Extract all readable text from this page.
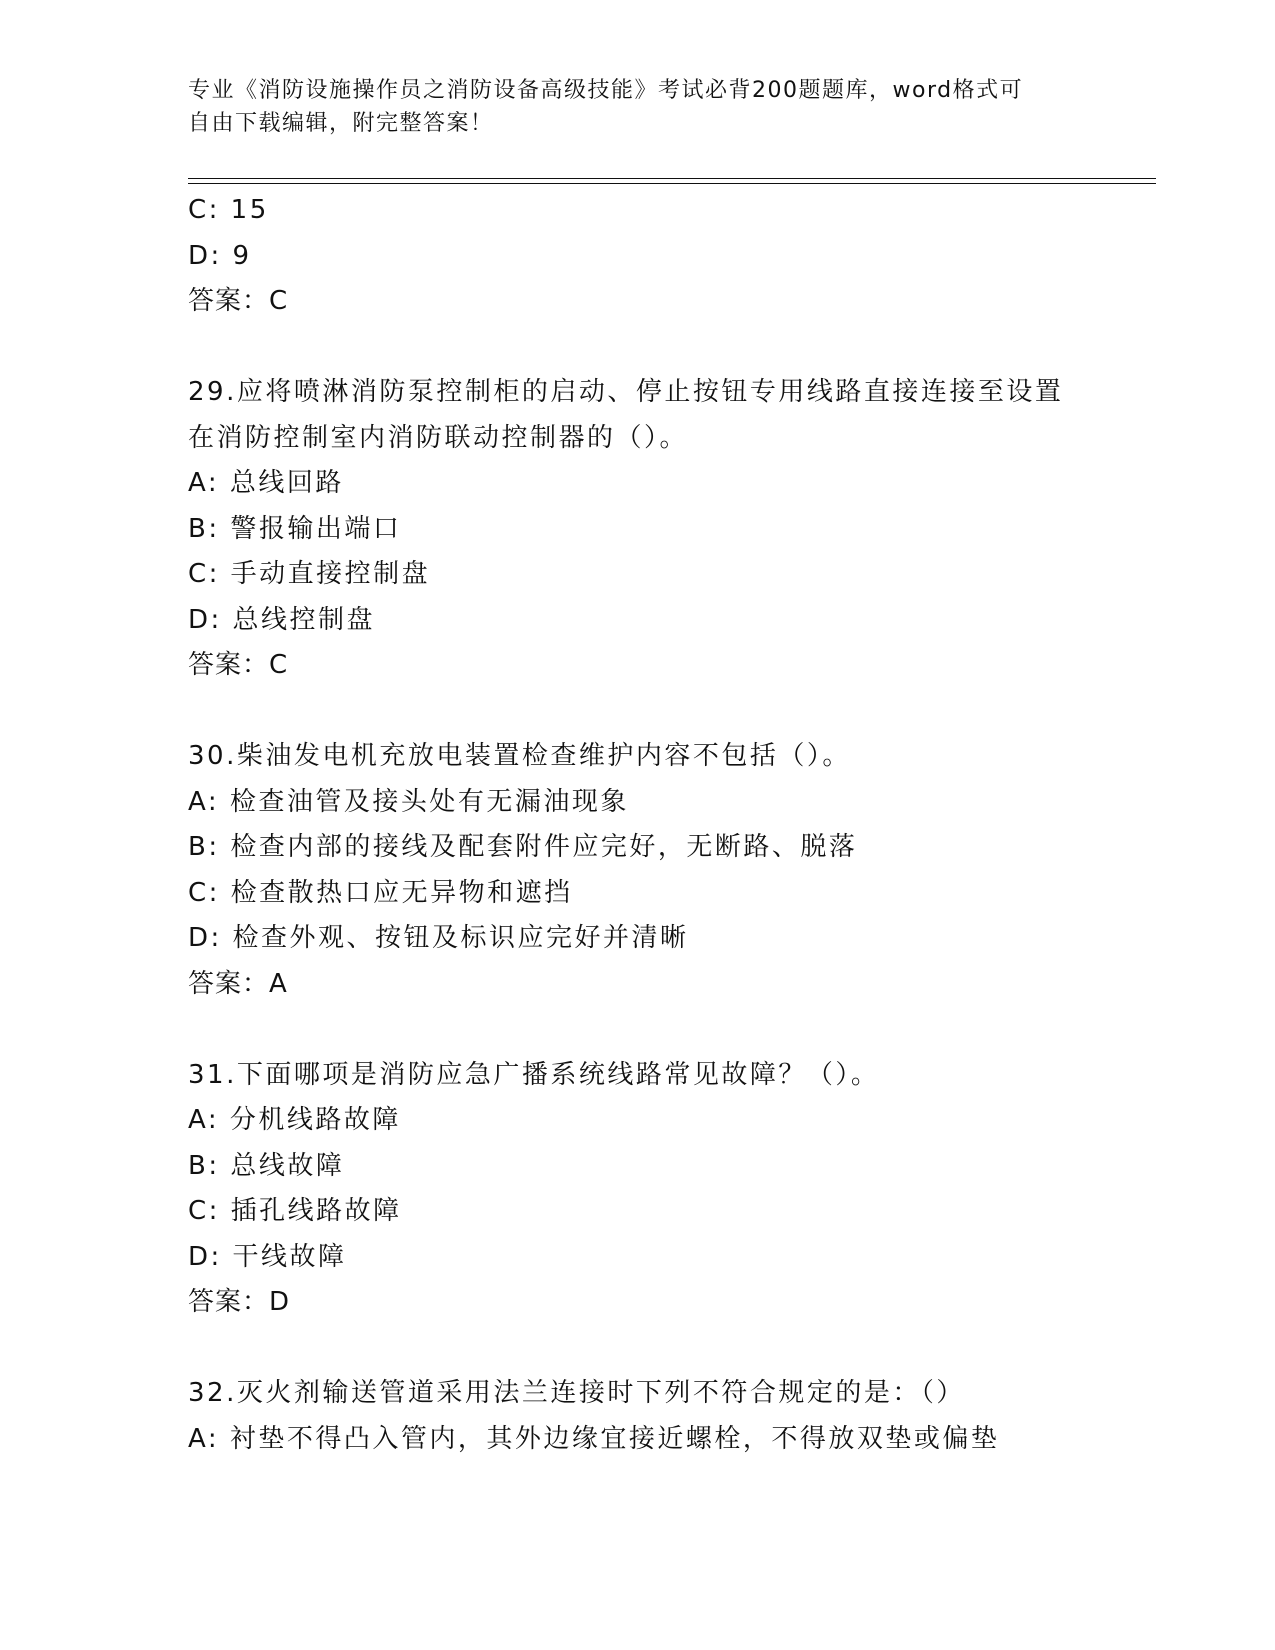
专业《消防设施操作员之消防设备高级技能》考试必背200题题库，word格式可
自由下载编辑，附完整答案！
C: 15
D: 9
答案：C
29.应将喷淋消防泵控制柜的启动、停止按钮专用线路直接连接至设置
在消防控制室内消防联动控制器的（）。
A: 总线回路
B: 警报输出端口
C: 手动直接控制盘
D: 总线控制盘
答案：C
30.柴油发电机充放电装置检查维护内容不包括（）。
A: 检查油管及接头处有无漏油现象
B: 检查内部的接线及配套附件应完好，无断路、脱落
C: 检查散热口应无异物和遮挡
D: 检查外观、按钮及标识应完好并清晰
答案：A
31.下面哪项是消防应急广播系统线路常见故障？（）。
A: 分机线路故障
B: 总线故障
C: 插孔线路故障
D: 干线故障
答案：D
32.灭火剂输送管道采用法兰连接时下列不符合规定的是：（）
A: 衬垫不得凸入管内，其外边缘宜接近螺栓，不得放双垫或偏垫
